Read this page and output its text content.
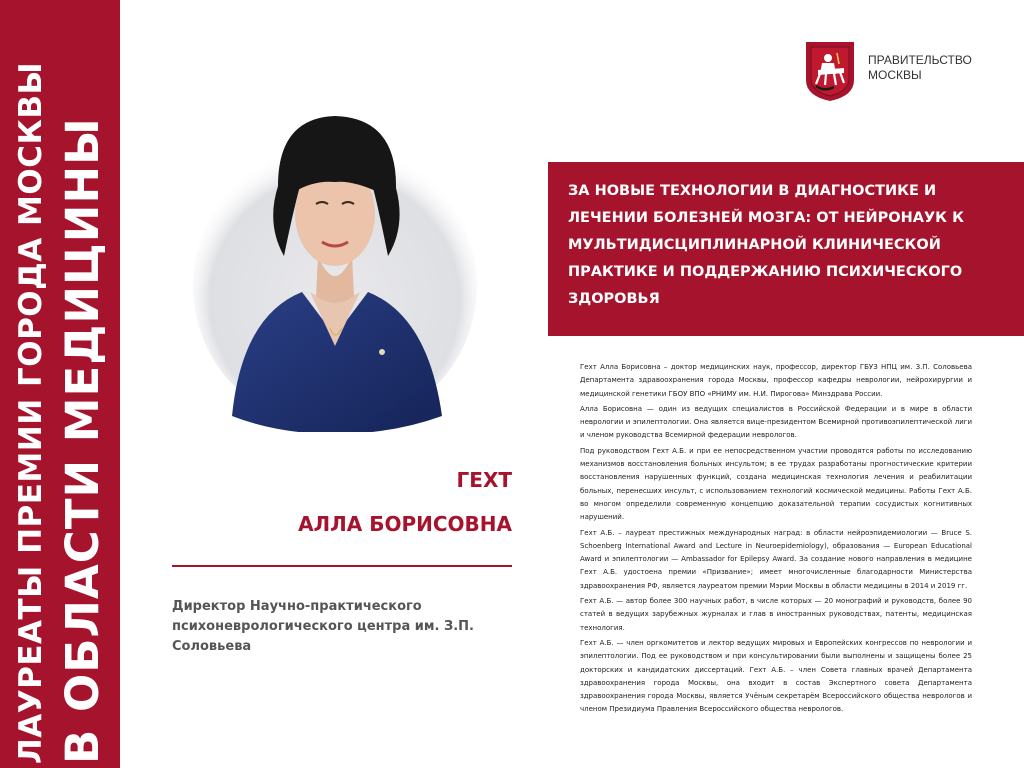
ЛАУРЕАТЫ ПРЕМИИ ГОРОДА МОСКВЫ В ОБЛАСТИ МЕДИЦИНЫ
ПРАВИТЕЛЬСТВО МОСКВЫ
ГЕХТ
АЛЛА БОРИСОВНА
Директор Научно-практического психоневрологического центра им. З.П. Соловьева
ЗА НОВЫЕ ТЕХНОЛОГИИ В ДИАГНОСТИКЕ И ЛЕЧЕНИИ БОЛЕЗНЕЙ МОЗГА: ОТ НЕЙРОНАУК К МУЛЬТИДИСЦИПЛИНАРНОЙ КЛИНИЧЕСКОЙ ПРАКТИКЕ И ПОДДЕРЖАНИЮ ПСИХИЧЕСКОГО ЗДОРОВЬЯ

Гехт Алла Борисовна – доктор медицинских наук, профессор, директор ГБУЗ НПЦ им. З.П. Соловьева Департамента здравоохранения города Москвы, профессор кафедры неврологии, нейрохирургии и медицинской генетики ГБОУ ВПО «РНИМУ им. Н.И. Пирогова» Минздрава России.

Алла Борисовна — один из ведущих специалистов в Российской Федерации и в мире в области неврологии и эпилептологии. Она является вице-президентом Всемирной противоэпилептической лиги и членом руководства Всемирной федерации неврологов.

Под руководством Гехт А.Б. и при ее непосредственном участии проводятся работы по исследованию механизмов восстановления больных инсультом; в ее трудах разработаны прогностические критерии восстановления нарушенных функций, создана медицинская технология лечения и реабилитации больных, перенесших инсульт, с использованием технологий космической медицины. Работы Гехт А.Б. во многом определили современную концепцию доказательной терапии сосудистых когнитивных нарушений.

Гехт А.Б. – лауреат престижных международных наград: в области нейроэпидемиологии — Bruce S. Schoenberg International Award and Lecture in Neuroepidemiology), образования — European Educational Award и эпилептологии — Ambassador for Epilepsy Award. За создание нового направления в медицине Гехт А.Б. удостоена премии «Призвание»; имеет многочисленные благодарности Министерства здравоохранения РФ, является лауреатом премии Мэрии Москвы в области медицины в 2014 и 2019 гг.

Гехт А.Б. — автор более 300 научных работ, в числе которых — 20 монографий и руководств, более 90 статей в ведущих зарубежных журналах и глав в иностранных руководствах, патенты, медицинская технология.

Гехт А.Б. — член оргкомитетов и лектор ведущих мировых и Европейских конгрессов по неврологии и эпилептологии. Под ее руководством и при консультировании были выполнены и защищены более 25 докторских и кандидатских диссертаций. Гехт А.Б. – член Совета главных врачей Департамента здравоохранения города Москвы, она входит в состав Экспертного совета Департамента здравоохранения города Москвы, является Учёным секретарём Всероссийского общества неврологов и членом Президиума Правления Всероссийского общества неврологов.
